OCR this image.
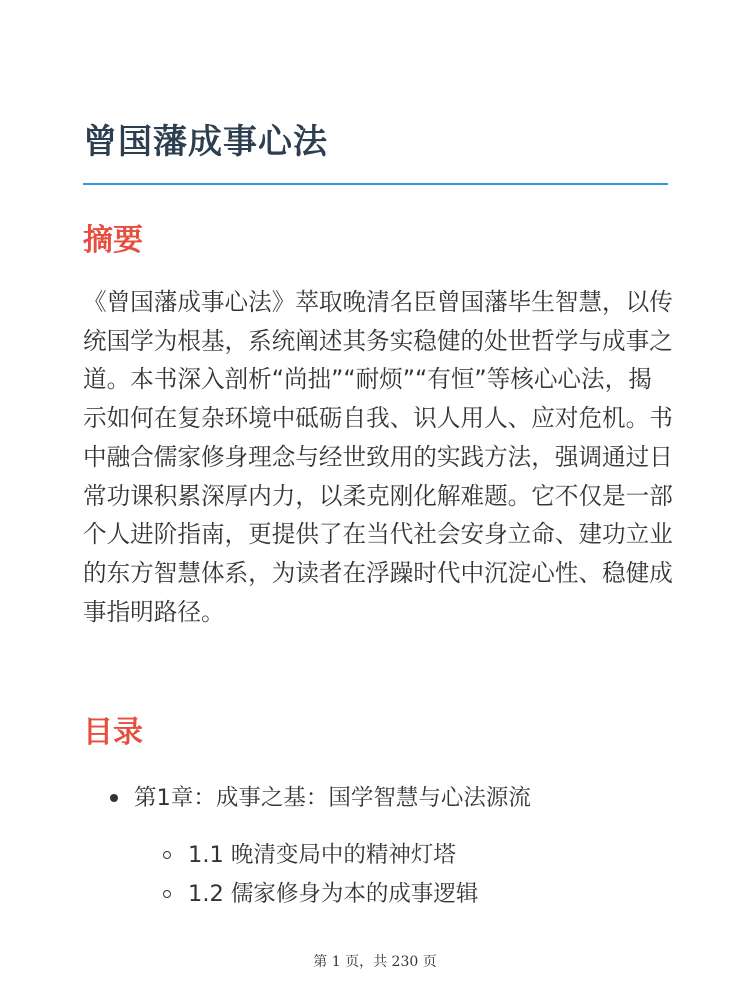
曾国藩成事心法
摘要

《曾国藩成事心法》萃取晚清名臣曾国藩毕生智慧，以传统国学为根基，系统阐述其务实稳健的处世哲学与成事之道。本书深入剖析“尚拙”“耐烦”“有恒”等核心心法，揭示如何在复杂环境中砥砺自我、识人用人、应对危机。书中融合儒家修身理念与经世致用的实践方法，强调通过日常功课积累深厚内力，以柔克刚化解难题。它不仅是一部个人进阶指南，更提供了在当代社会安身立命、建功立业的东方智慧体系，为读者在浮躁时代中沉淀心性、稳健成事指明路径。

目录
第1章：成事之基：国学智慧与心法源流
1.1 晚清变局中的精神灯塔
1.2 儒家修身为本的成事逻辑
第 1 页，共 230 页
